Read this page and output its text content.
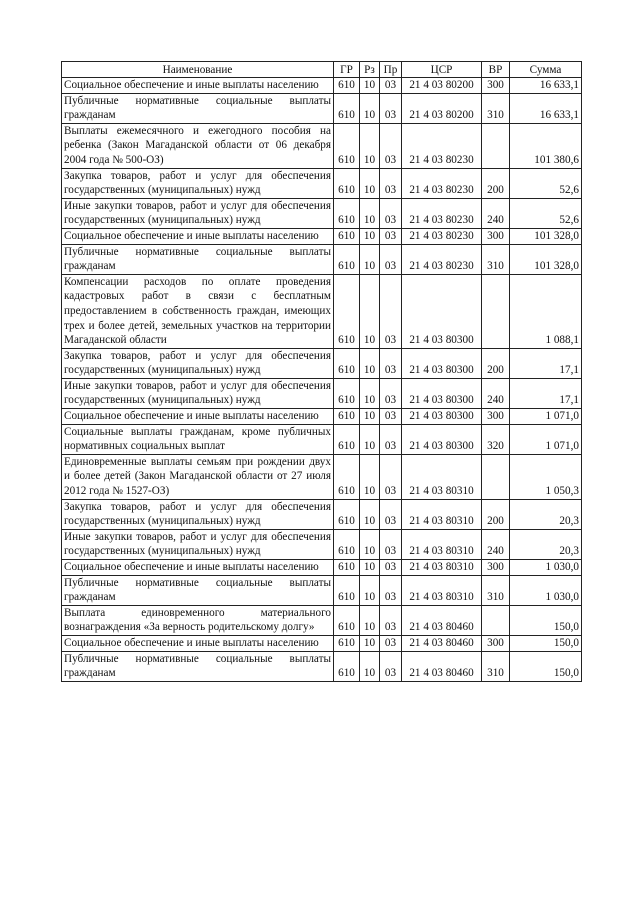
Наименование	ГР	Рз	Пр	ЦСР	ВР	Сумма
Социальное обеспечение и иные выплаты населению	610	10	03	21 4 03 80200	300	16 633,1
Публичные нормативные социальные выплаты гражданам	610	10	03	21 4 03 80200	310	16 633,1
Выплаты ежемесячного и ежегодного пособия на ребенка (Закон Магаданской области от 06 декабря 2004 года № 500-ОЗ)	610	10	03	21 4 03 80230		101 380,6
Закупка товаров, работ и услуг для обеспечения государственных (муниципальных) нужд	610	10	03	21 4 03 80230	200	52,6
Иные закупки товаров, работ и услуг для обеспечения государственных (муниципальных) нужд	610	10	03	21 4 03 80230	240	52,6
Социальное обеспечение и иные выплаты населению	610	10	03	21 4 03 80230	300	101 328,0
Публичные нормативные социальные выплаты гражданам	610	10	03	21 4 03 80230	310	101 328,0
Компенсации расходов по оплате проведения кадастровых работ в связи с бесплатным предоставлением в собственность граждан, имеющих трех и более детей, земельных участков на территории Магаданской области	610	10	03	21 4 03 80300		1 088,1
Закупка товаров, работ и услуг для обеспечения государственных (муниципальных) нужд	610	10	03	21 4 03 80300	200	17,1
Иные закупки товаров, работ и услуг для обеспечения государственных (муниципальных) нужд	610	10	03	21 4 03 80300	240	17,1
Социальное обеспечение и иные выплаты населению	610	10	03	21 4 03 80300	300	1 071,0
Социальные выплаты гражданам, кроме публичных нормативных социальных выплат	610	10	03	21 4 03 80300	320	1 071,0
Единовременные выплаты семьям при рождении двух и более детей (Закон Магаданской области от 27 июля 2012 года № 1527-ОЗ)	610	10	03	21 4 03 80310		1 050,3
Закупка товаров, работ и услуг для обеспечения государственных (муниципальных) нужд	610	10	03	21 4 03 80310	200	20,3
Иные закупки товаров, работ и услуг для обеспечения государственных (муниципальных) нужд	610	10	03	21 4 03 80310	240	20,3
Социальное обеспечение и иные выплаты населению	610	10	03	21 4 03 80310	300	1 030,0
Публичные нормативные социальные выплаты гражданам	610	10	03	21 4 03 80310	310	1 030,0
Выплата единовременного материального вознаграждения «За верность родительскому долгу»	610	10	03	21 4 03 80460		150,0
Социальное обеспечение и иные выплаты населению	610	10	03	21 4 03 80460	300	150,0
Публичные нормативные социальные выплаты гражданам	610	10	03	21 4 03 80460	310	150,0
